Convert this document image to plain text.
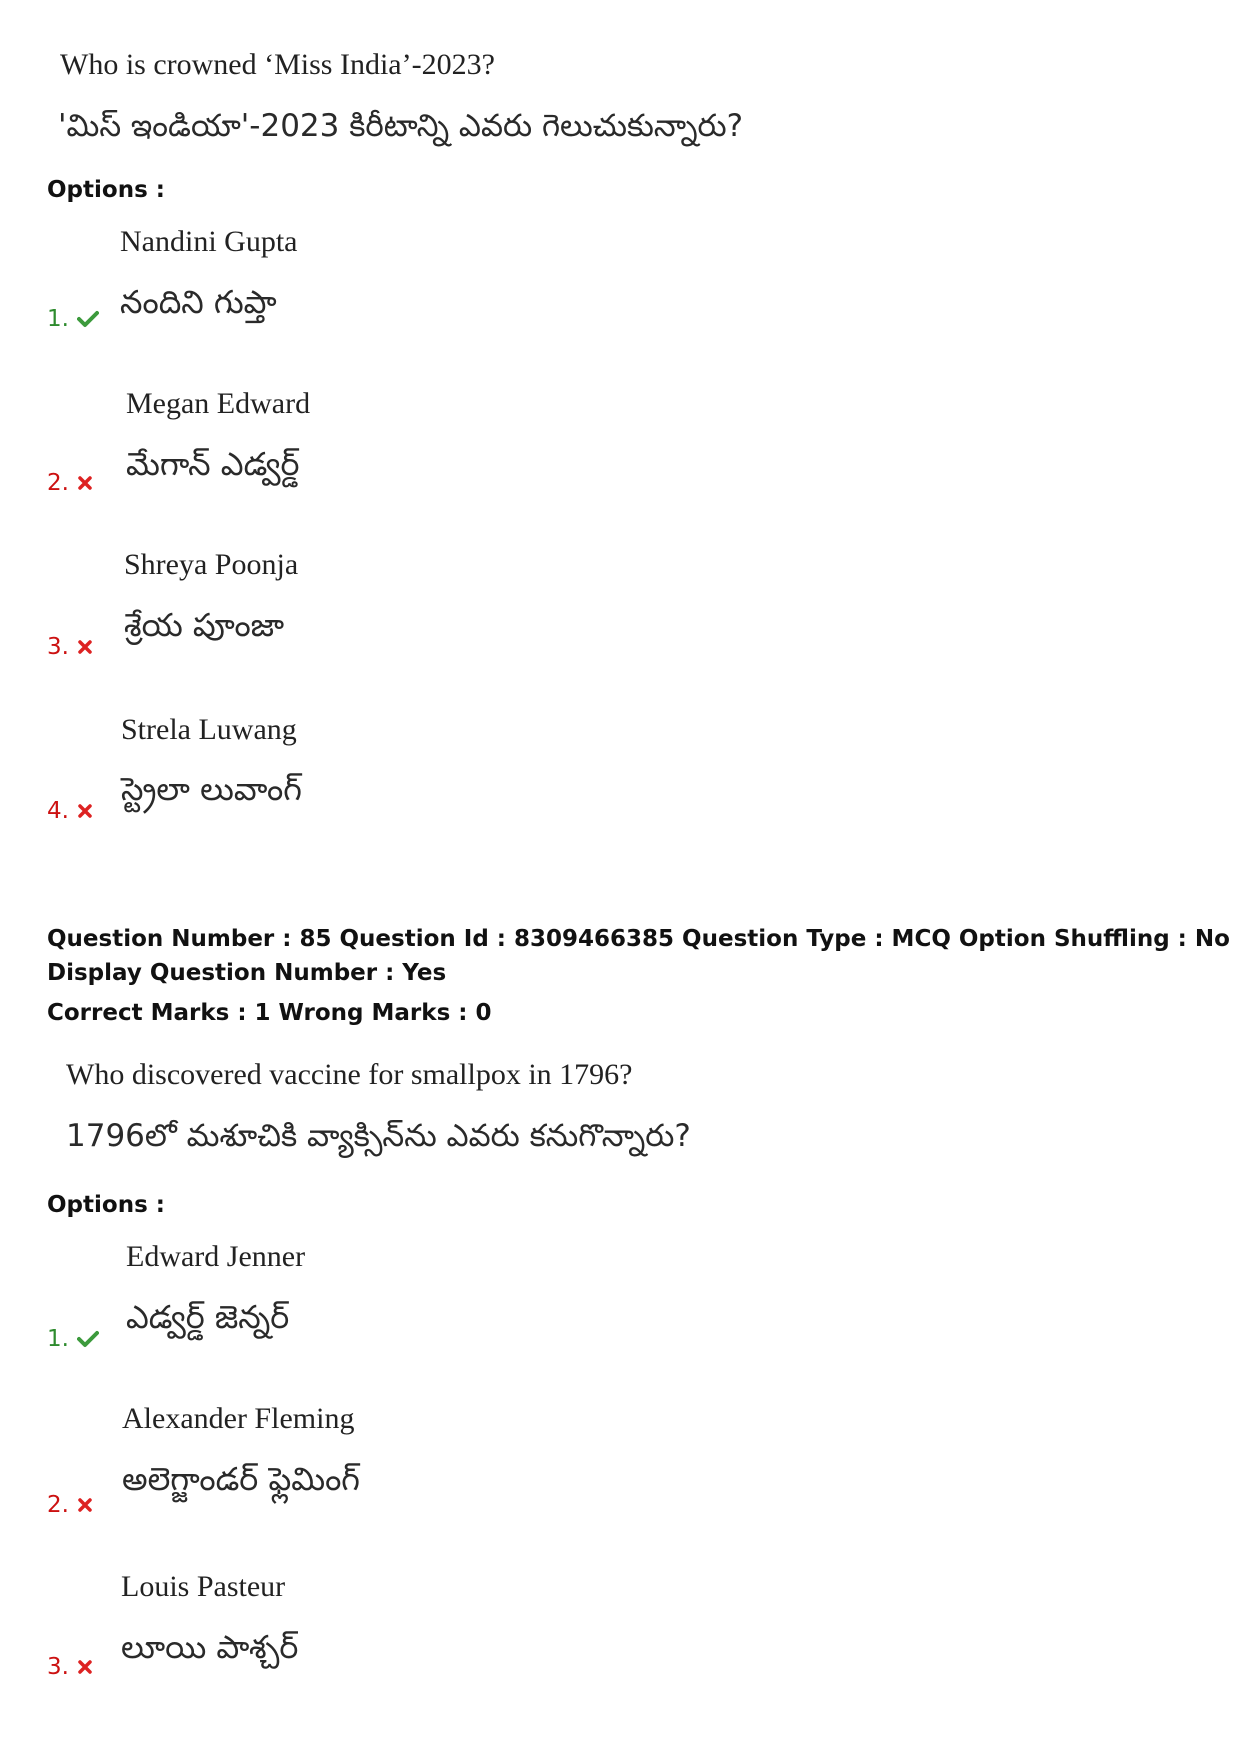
Who is crowned ‘Miss India’-2023?

'మిస్ ఇండియా'-2023 కిరీటాన్ని ఎవరు గెలుచుకున్నారు?

Options :

Nandini Gupta

నందిని గుప్తా

1.

Megan Edward

మేగాన్ ఎడ్వర్డ్

2.

Shreya Poonja

శ్రేయ పూంజా

3.

Strela Luwang

స్ట్రెలా లువాంగ్

4.

Question Number : 85 Question Id : 8309466385 Question Type : MCQ Option Shuffling : No

Display Question Number : Yes

Correct Marks : 1 Wrong Marks : 0

Who discovered vaccine for smallpox in 1796?

1796లో మశూచికి వ్యాక్సిన్‌ను ఎవరు కనుగొన్నారు?

Options :

Edward Jenner

ఎడ్వర్డ్ జెన్నర్

1.

Alexander Fleming

అలెగ్జాండర్ ఫ్లెమింగ్

2.

Louis Pasteur

లూయి పాశ్చర్

3.
